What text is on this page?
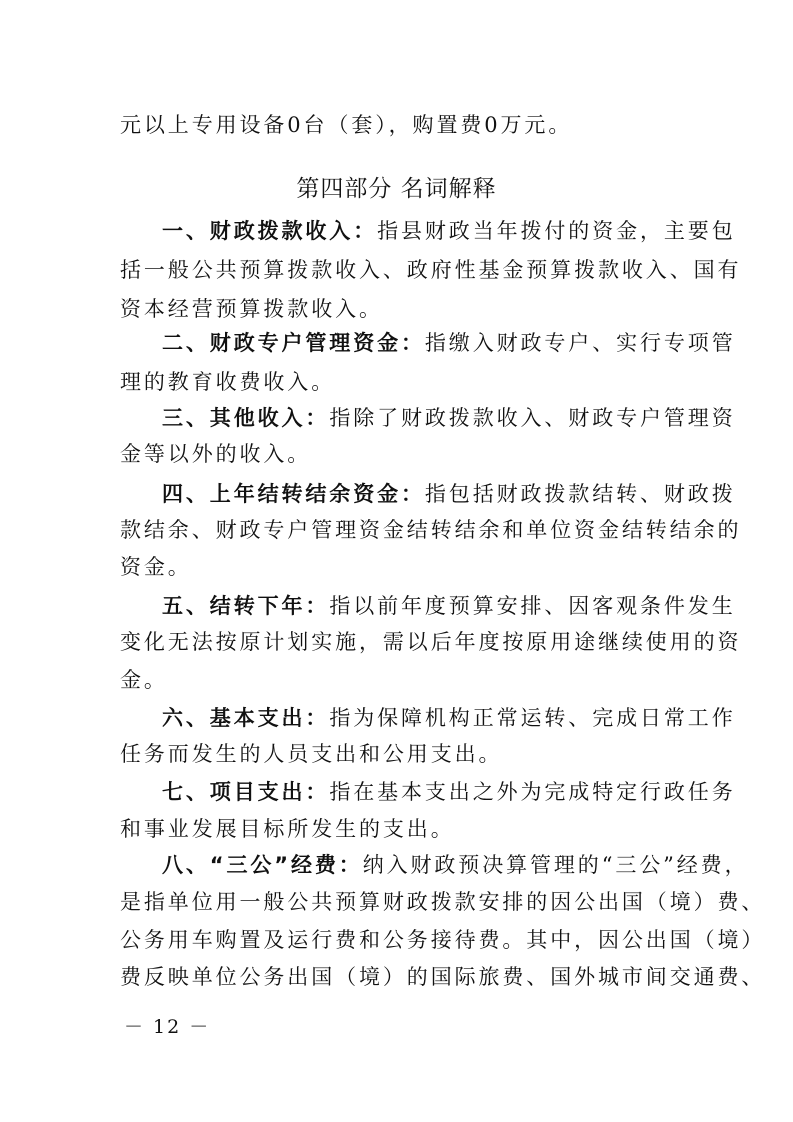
元以上专用设备0台（套），购置费0万元。
第四部分 名词解释
一、财政拨款收入：指县财政当年拨付的资金，主要包
括一般公共预算拨款收入、政府性基金预算拨款收入、国有
资本经营预算拨款收入。
二、财政专户管理资金：指缴入财政专户、实行专项管
理的教育收费收入。
三、其他收入：指除了财政拨款收入、财政专户管理资
金等以外的收入。
四、上年结转结余资金：指包括财政拨款结转、财政拨
款结余、财政专户管理资金结转结余和单位资金结转结余的
资金。
五、结转下年：指以前年度预算安排、因客观条件发生
变化无法按原计划实施，需以后年度按原用途继续使用的资
金。
六、基本支出：指为保障机构正常运转、完成日常工作
任务而发生的人员支出和公用支出。
七、项目支出：指在基本支出之外为完成特定行政任务
和事业发展目标所发生的支出。
八、“三公”经费：纳入财政预决算管理的“三公”经费，
是指单位用一般公共预算财政拨款安排的因公出国（境）费、
公务用车购置及运行费和公务接待费。其中，因公出国（境）
费反映单位公务出国（境）的国际旅费、国外城市间交通费、
－ 12 －
